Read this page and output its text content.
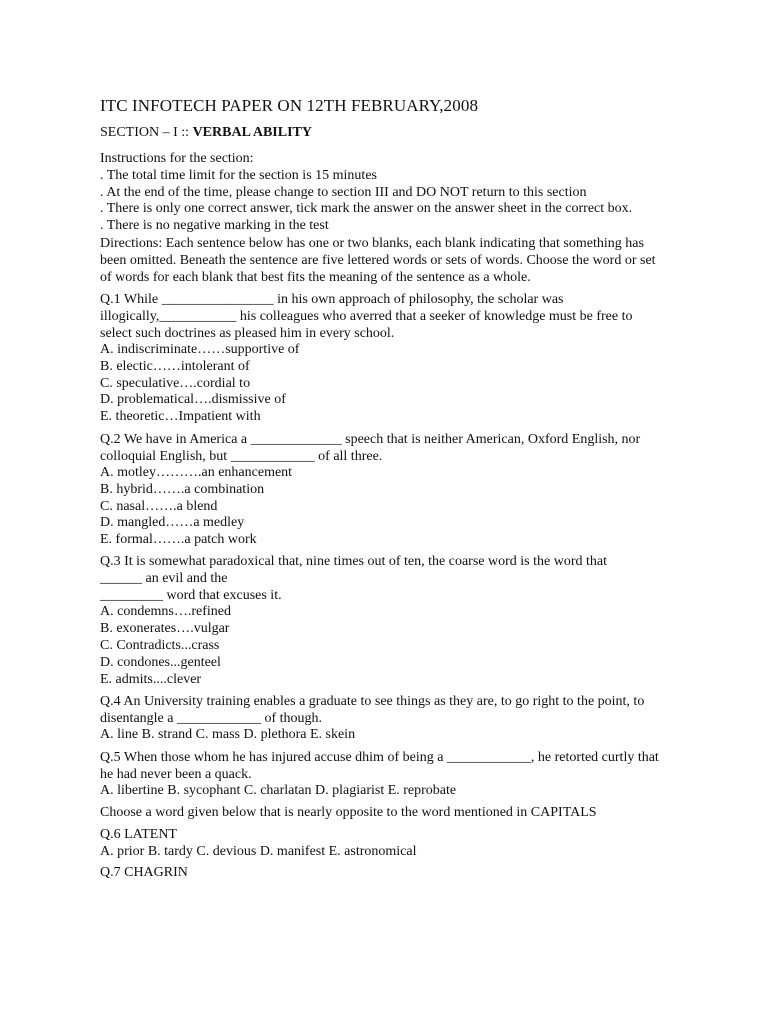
ITC INFOTECH PAPER ON 12TH FEBRUARY,2008
SECTION – I :: VERBAL ABILITY

Instructions for the section:

. The total time limit for the section is 15 minutes

. At the end of the time, please change to section III and DO NOT return to this section

. There is only one correct answer, tick mark the answer on the answer sheet in the correct box.

. There is no negative marking in the test

Directions: Each sentence below has one or two blanks, each blank indicating that something has been omitted. Beneath the sentence are five lettered words or sets of words. Choose the word or set of words for each blank that best fits the meaning of the sentence as a whole.

Q.1 While ________________ in his own approach of philosophy, the scholar was illogically,___________ his colleagues who averred that a seeker of knowledge must be free to select such doctrines as pleased him in every school.

A. indiscriminate……supportive of

B. electic……intolerant of

C. speculative….cordial to

D. problematical….dismissive of

E. theoretic…Impatient with

Q.2 We have in America a _____________ speech that is neither American, Oxford English, nor colloquial English, but ____________ of all three.

A. motley……….an enhancement

B. hybrid…….a combination

C. nasal…….a blend

D. mangled……a medley

E. formal…….a patch work

Q.3 It is somewhat paradoxical that, nine times out of ten, the coarse word is the word that

______ an evil and the

_________ word that excuses it.

A. condemns….refined

B. exonerates….vulgar

C. Contradicts...crass

D. condones...genteel

E. admits....clever

Q.4 An University training enables a graduate to see things as they are, to go right to the point, to disentangle a ____________ of though.

A. line B. strand C. mass D. plethora E. skein

Q.5 When those whom he has injured accuse dhim of being a ____________, he retorted curtly that he had never been a quack.

A. libertine B. sycophant C. charlatan D. plagiarist E. reprobate

Choose a word given below that is nearly opposite to the word mentioned in CAPITALS

Q.6 LATENT

A. prior B. tardy C. devious D. manifest E. astronomical

Q.7 CHAGRIN
